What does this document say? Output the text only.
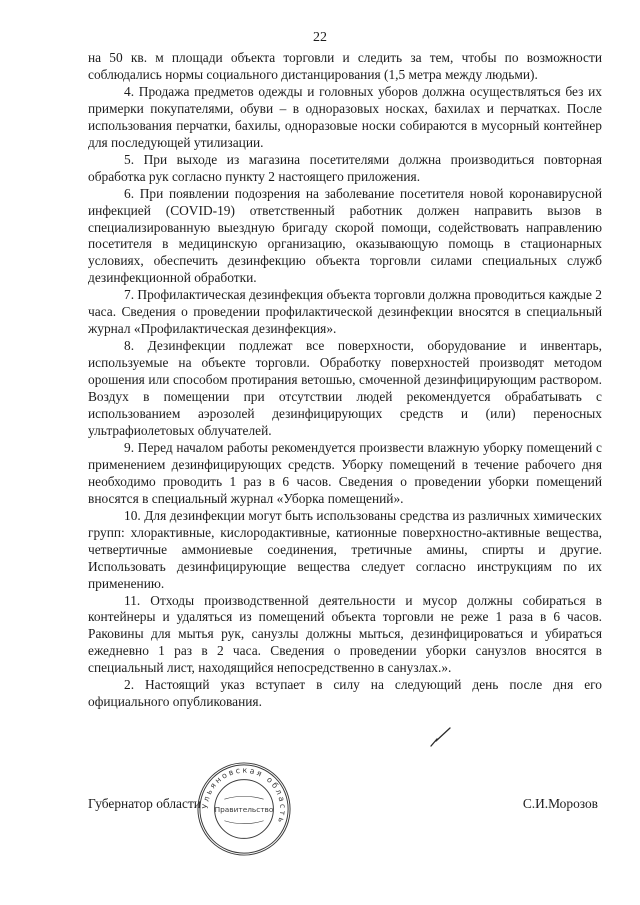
22

на 50 кв. м площади объекта торговли и следить за тем, чтобы по возможности соблюдались нормы социального дистанцирования (1,5 метра между людьми).

4. Продажа предметов одежды и головных уборов должна осуществляться без их примерки покупателями, обуви – в одноразовых носках, бахилах и перчатках. После использования перчатки, бахилы, одноразовые носки собираются в мусорный контейнер для последующей утилизации.

5. При выходе из магазина посетителями должна производиться повторная обработка рук согласно пункту 2 настоящего приложения.

6. При появлении подозрения на заболевание посетителя новой коронавирусной инфекцией (COVID-19) ответственный работник должен направить вызов в специализированную выездную бригаду скорой помощи, содействовать направлению посетителя в медицинскую организацию, оказывающую помощь в стационарных условиях, обеспечить дезинфекцию объекта торговли силами специальных служб дезинфекционной обработки.

7. Профилактическая дезинфекция объекта торговли должна проводиться каждые 2 часа. Сведения о проведении профилактической дезинфекции вносятся в специальный журнал «Профилактическая дезинфекция».

8. Дезинфекции подлежат все поверхности, оборудование и инвентарь, используемые на объекте торговли. Обработку поверхностей производят методом орошения или способом протирания ветошью, смоченной дезинфицирующим раствором. Воздух в помещении при отсутствии людей рекомендуется обрабатывать с использованием аэрозолей дезинфицирующих средств и (или) переносных ультрафиолетовых облучателей.

9. Перед началом работы рекомендуется произвести влажную уборку помещений с применением дезинфицирующих средств. Уборку помещений в течение рабочего дня необходимо проводить 1 раз в 6 часов. Сведения о проведении уборки помещений вносятся в специальный журнал «Уборка помещений».

10. Для дезинфекции могут быть использованы средства из различных химических групп: хлорактивные, кислородактивные, катионные поверхностно-активные вещества, четвертичные аммониевые соединения, третичные амины, спирты и другие. Использовать дезинфицирующие вещества следует согласно инструкциям по их применению.

11. Отходы производственной деятельности и мусор должны собираться в контейнеры и удаляться из помещений объекта торговли не реже 1 раза в 6 часов. Раковины для мытья рук, санузлы должны мыться, дезинфицироваться и убираться ежедневно 1 раз в 2 часа. Сведения о проведении уборки санузлов вносятся в специальный лист, находящийся непосредственно в санузлах.».

2. Настоящий указ вступает в силу на следующий день после дня его официального опубликования.

Губернатор области	С.И.Морозов
Ульяновская область
Правительство
